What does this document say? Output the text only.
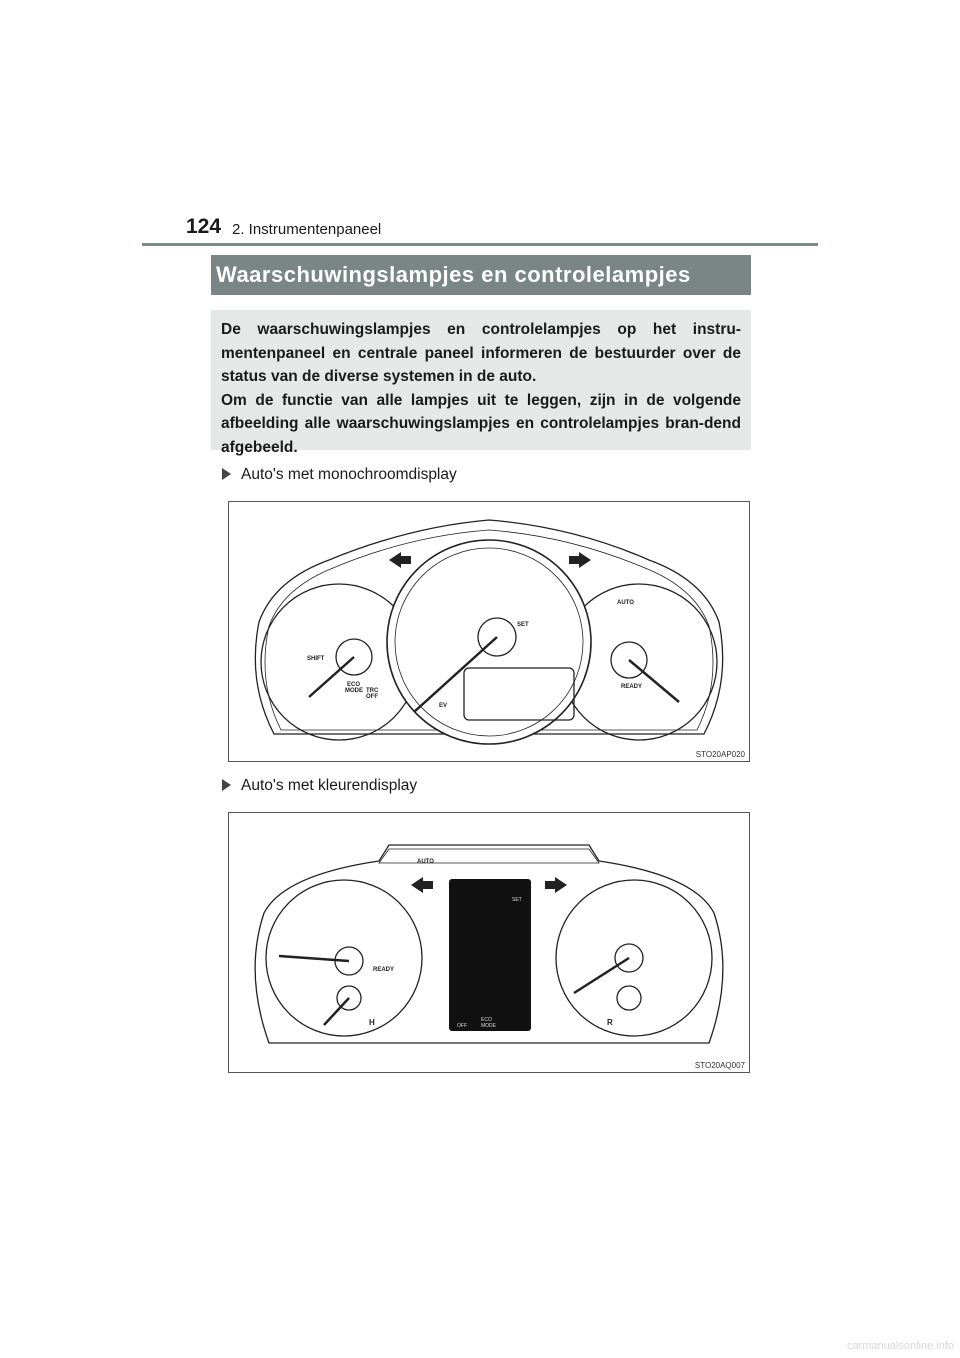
124 2. Instrumentenpaneel
Waarschuwingslampjes en controlelampjes

De waarschuwingslampjes en controlelampjes op het instru-mentenpaneel en centrale paneel informeren de bestuurder over de status van de diverse systemen in de auto.

Om de functie van alle lampjes uit te leggen, zijn in de volgende afbeelding alle waarschuwingslampjes en controlelampjes bran-dend afgebeeld.

Auto's met monochroomdisplay
SHIFT
ECO
MODE TRC
OFF
SET
EV
AUTO
READY
STO20AP020
Auto's met kleurendisplay
AUTO
READY
H	R
SET
ECO
MODE
OFF
STO20AQ007
carmanualsonline.info
